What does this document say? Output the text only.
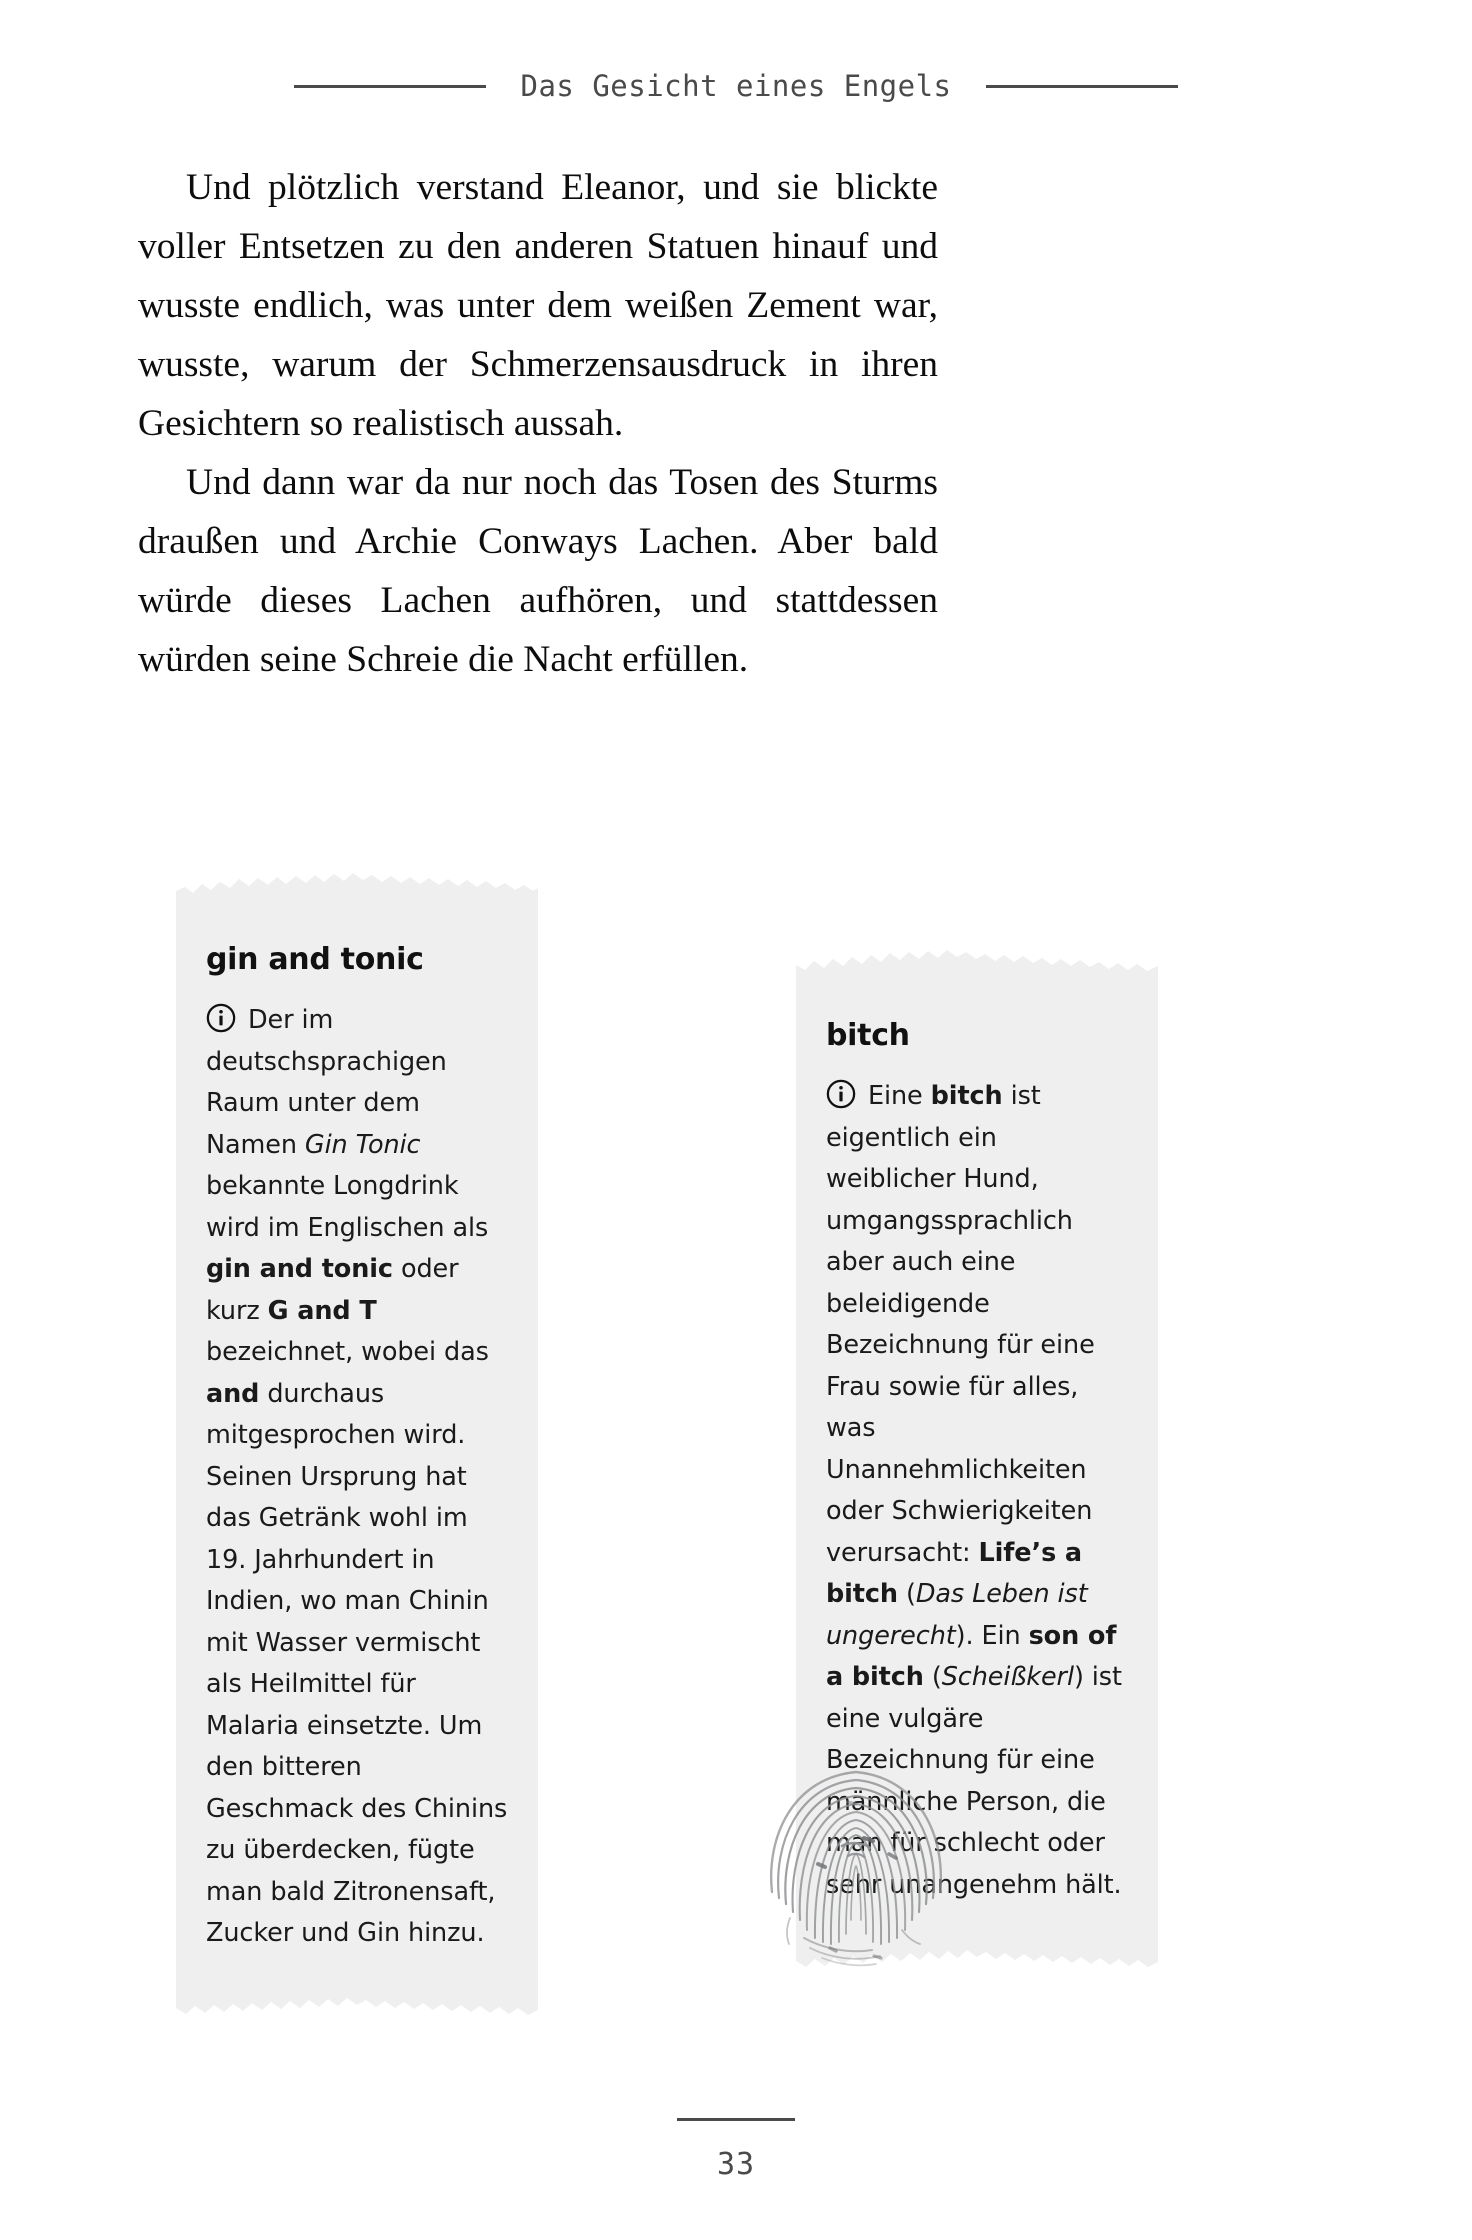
Das Gesicht eines Engels

Und plötzlich verstand Eleanor, und sie blickte voller Entsetzen zu den anderen Statuen hinauf und wusste endlich, was unter dem weißen Zement war, wusste, warum der Schmerzensausdruck in ihren Gesichtern so realistisch aussah.

Und dann war da nur noch das Tosen des Sturms draußen und Archie Conways Lachen. Aber bald würde dieses Lachen aufhören, und stattdessen würden seine Schreie die Nacht erfüllen.

gin and tonic
Der im deutschsprachigen Raum unter dem Namen Gin Tonic bekannte Longdrink wird im Englischen als gin and tonic oder kurz G and T bezeichnet, wobei das and durchaus mitgesprochen wird. Seinen Ursprung hat das Getränk wohl im 19. Jahrhundert in Indien, wo man Chinin mit Wasser vermischt als Heilmittel für Malaria einsetzte. Um den bitteren Geschmack des Chinins zu überdecken, fügte man bald Zitronensaft, Zucker und Gin hinzu.
bitch
Eine bitch ist eigentlich ein weiblicher Hund, umgangssprachlich aber auch eine beleidigende Bezeichnung für eine Frau sowie für alles, was Unannehmlichkeiten oder Schwierigkeiten verursacht: Life’s a bitch (Das Leben ist ungerecht). Ein son of a bitch (Scheißkerl) ist eine vulgäre Bezeichnung für eine männliche Person, die man für schlecht oder sehr unangenehm hält.
33
